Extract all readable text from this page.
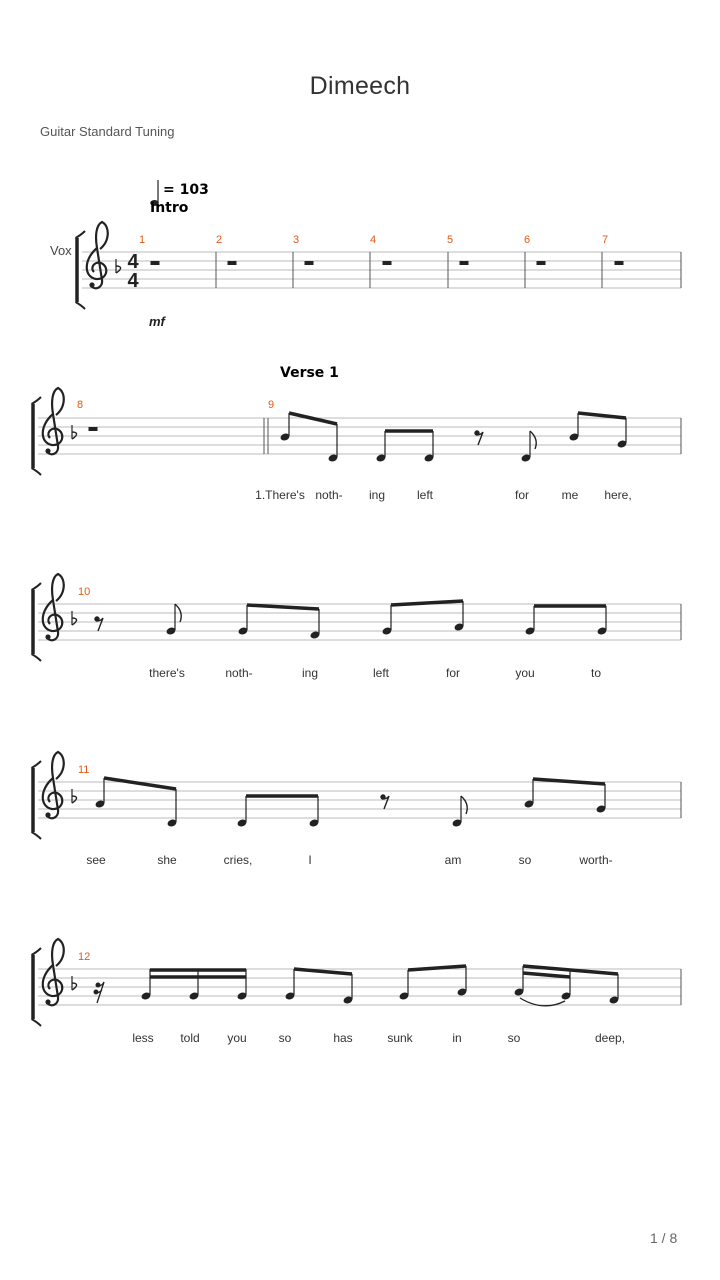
Dimeech
Guitar Standard Tuning
= 103
Intro
Vox
4
4
1	2	3	4	5	6	7
mf
Verse 1
8	9
1.There's noth- ing	left	for	me here,
10
there's	noth-	ing	left	for	you	to
11
see	she	cries,	I	am	so	worth-
12
less told you	so	has	sunk	in	so	deep,
1 / 8
